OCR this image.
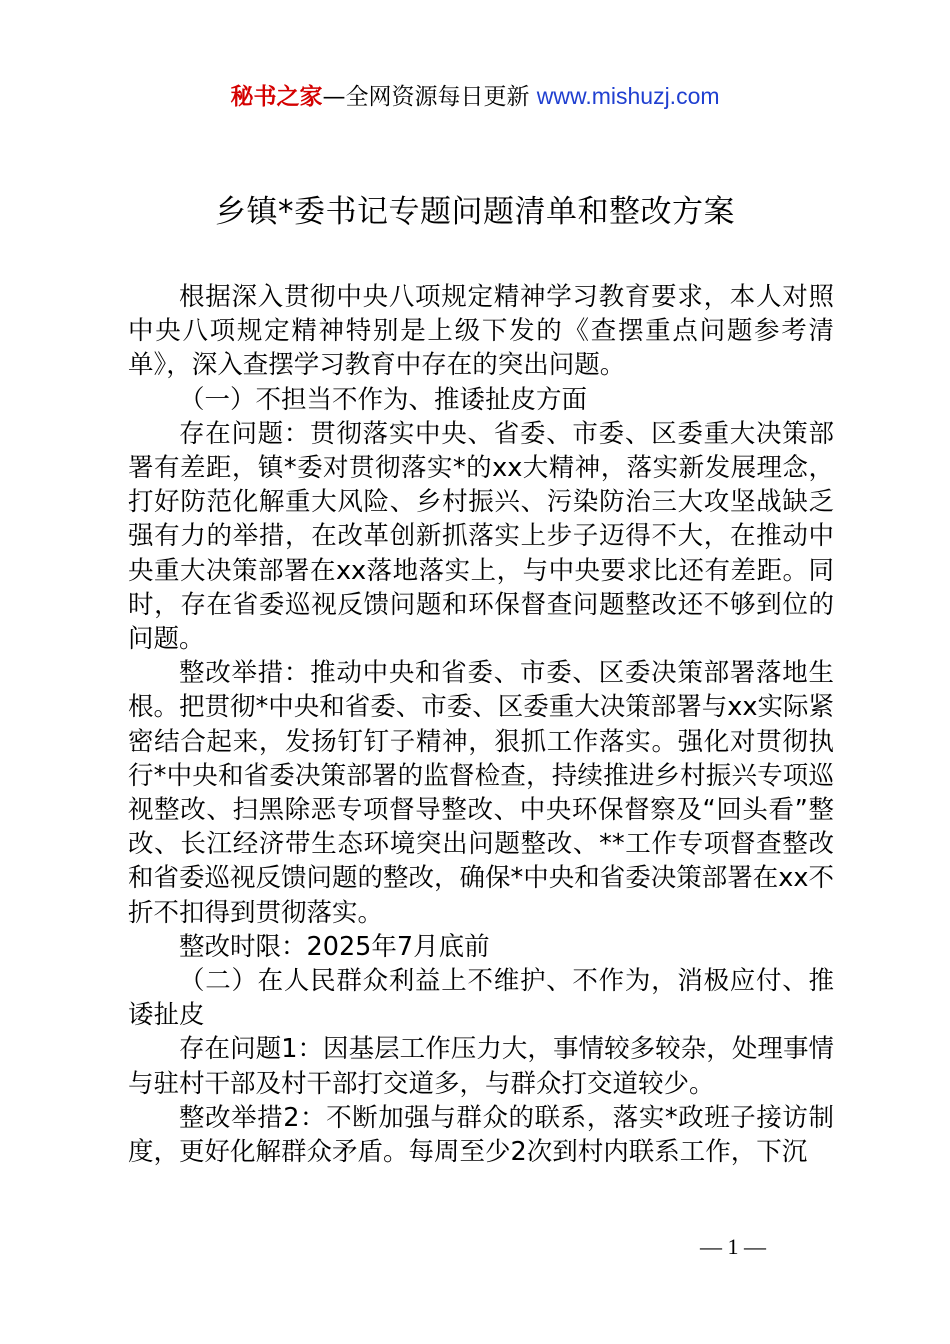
秘书之家—全网资源每日更新 www.mishuzj.com
乡镇*委书记专题问题清单和整改方案

根据深入贯彻中央八项规定精神学习教育要求，本人对照中央八项规定精神特别是上级下发的《查摆重点问题参考清单》，深入查摆学习教育中存在的突出问题。

（一）不担当不作为、推诿扯皮方面

存在问题：贯彻落实中央、省委、市委、区委重大决策部署有差距，镇*委对贯彻落实*的xx大精神，落实新发展理念，打好防范化解重大风险、乡村振兴、污染防治三大攻坚战缺乏强有力的举措，在改革创新抓落实上步子迈得不大，在推动中央重大决策部署在xx落地落实上，与中央要求比还有差距。同时，存在省委巡视反馈问题和环保督查问题整改还不够到位的问题。

整改举措：推动中央和省委、市委、区委决策部署落地生根。把贯彻*中央和省委、市委、区委重大决策部署与xx实际紧密结合起来，发扬钉钉子精神，狠抓工作落实。强化对贯彻执行*中央和省委决策部署的监督检查，持续推进乡村振兴专项巡视整改、扫黑除恶专项督导整改、中央环保督察及“回头看”整改、长江经济带生态环境突出问题整改、**工作专项督查整改和省委巡视反馈问题的整改，确保*中央和省委决策部署在xx不折不扣得到贯彻落实。

整改时限：2025年7月底前

（二）在人民群众利益上不维护、不作为，消极应付、推诿扯皮

存在问题1：因基层工作压力大，事情较多较杂，处理事情与驻村干部及村干部打交道多，与群众打交道较少。

整改举措2：不断加强与群众的联系，落实*政班子接访制度，更好化解群众矛盾。每周至少2次到村内联系工作，下沉

— 1 —
